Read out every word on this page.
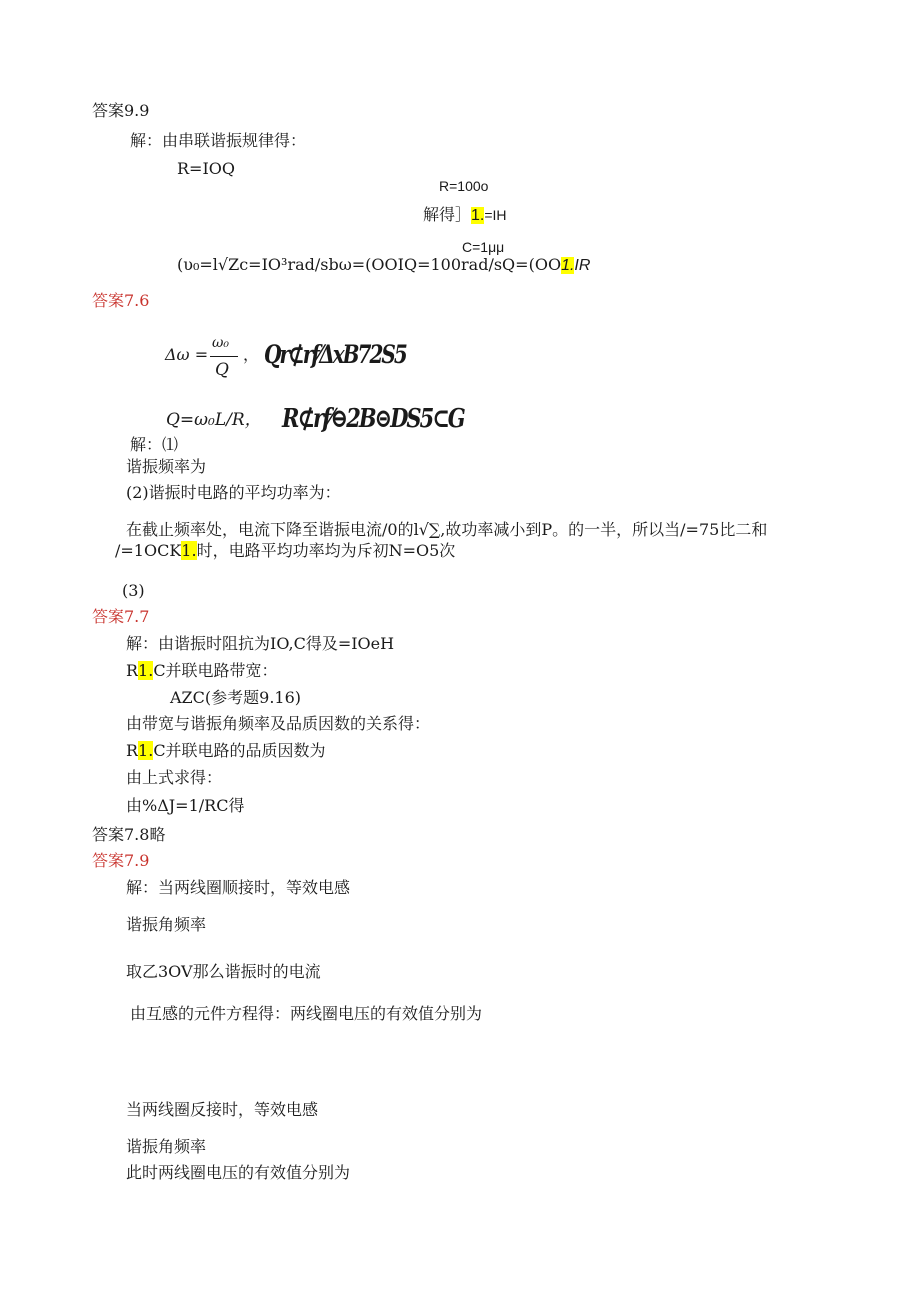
答案9.9
解：由串联谐振规律得：
R=IOQ
R=100o
解得］1.=IH
C=1μμ
(υ₀=l√Zc=IO³rad∕sbω=(OOIQ=100rad∕sQ=(OO1.IR
答案7.6
Δω =
ω₀
Q
， Qr⊄rf⁄ΔxB72S5
Q=ω₀L/R， R⊄rf⁄⊖2B⊝DS5⊂G
解：⑴
谐振频率为
(2)谐振时电路的平均功率为：
在截止频率处，电流下降至谐振电流/0的l√∑,故功率减小到P。的一半，所以当/=75比二和
/=1OCK1.时，电路平均功率均为斥初N=O5次
(3)
答案7.7
解：由谐振时阻抗为IO,C得及=IOeH
R1.C并联电路带宽：
AZC(参考题9.16)
由带宽与谐振角频率及品质因数的关系得：
R1.C并联电路的品质因数为
由上式求得：
由%ΔJ=1∕RC得
答案7.8略
答案7.9
解：当两线圈顺接时，等效电感
谐振角频率
取乙3OV那么谐振时的电流
由互感的元件方程得：两线圈电压的有效值分别为
当两线圈反接时，等效电感
谐振角频率
此时两线圈电压的有效值分别为
